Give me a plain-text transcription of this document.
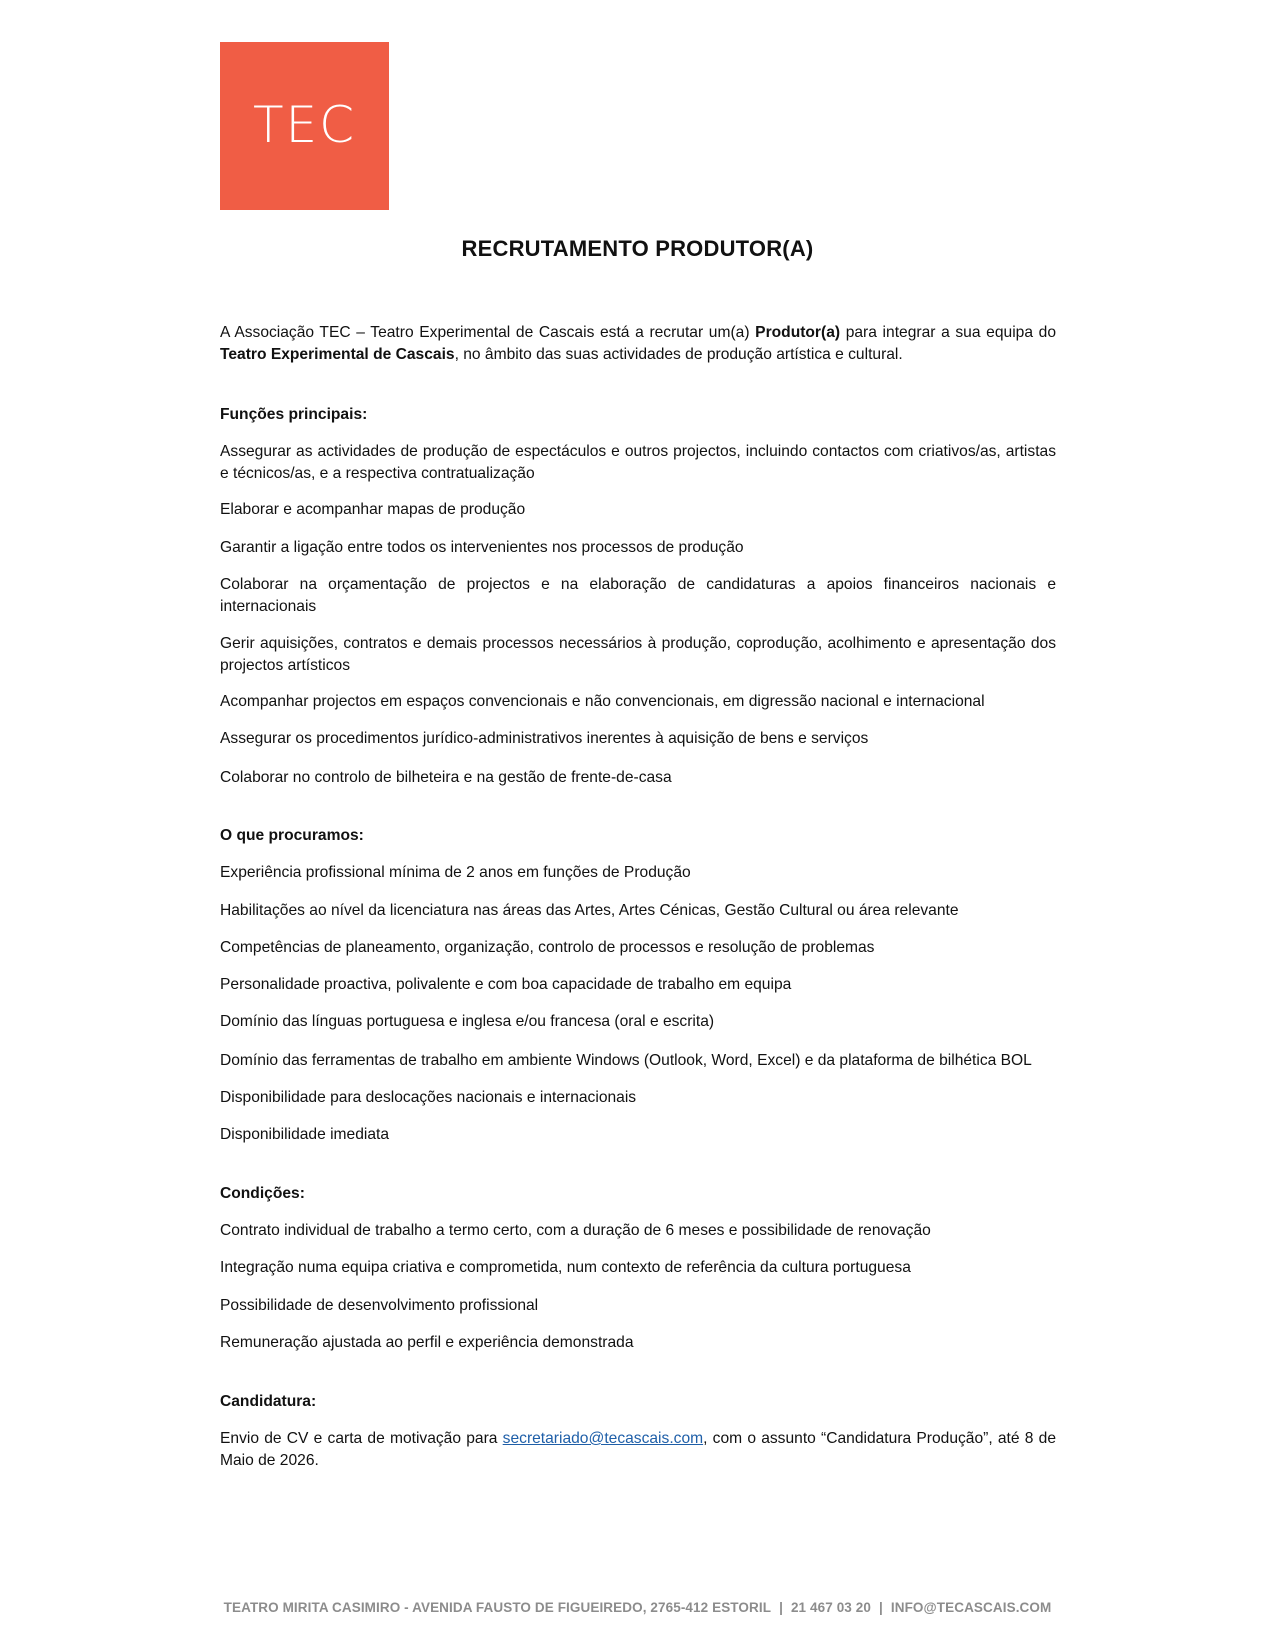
TEC
RECRUTAMENTO PRODUTOR(A)
A Associação TEC – Teatro Experimental de Cascais está a recrutar um(a) Produtor(a) para integrar a sua equipa do Teatro Experimental de Cascais, no âmbito das suas actividades de produção artística e cultural.
Funções principais:
Assegurar as actividades de produção de espectáculos e outros projectos, incluindo contactos com criativos/as, artistas e técnicos/as, e a respectiva contratualização
Elaborar e acompanhar mapas de produção
Garantir a ligação entre todos os intervenientes nos processos de produção
Colaborar na orçamentação de projectos e na elaboração de candidaturas a apoios financeiros nacionais e internacionais
Gerir aquisições, contratos e demais processos necessários à produção, coprodução, acolhimento e apresentação dos projectos artísticos
Acompanhar projectos em espaços convencionais e não convencionais, em digressão nacional e internacional
Assegurar os procedimentos jurídico-administrativos inerentes à aquisição de bens e serviços
Colaborar no controlo de bilheteira e na gestão de frente-de-casa
O que procuramos:
Experiência profissional mínima de 2 anos em funções de Produção
Habilitações ao nível da licenciatura nas áreas das Artes, Artes Cénicas, Gestão Cultural ou área relevante
Competências de planeamento, organização, controlo de processos e resolução de problemas
Personalidade proactiva, polivalente e com boa capacidade de trabalho em equipa
Domínio das línguas portuguesa e inglesa e/ou francesa (oral e escrita)
Domínio das ferramentas de trabalho em ambiente Windows (Outlook, Word, Excel) e da plataforma de bilhética BOL
Disponibilidade para deslocações nacionais e internacionais
Disponibilidade imediata
Condições:
Contrato individual de trabalho a termo certo, com a duração de 6 meses e possibilidade de renovação
Integração numa equipa criativa e comprometida, num contexto de referência da cultura portuguesa
Possibilidade de desenvolvimento profissional
Remuneração ajustada ao perfil e experiência demonstrada
Candidatura:
Envio de CV e carta de motivação para secretariado@tecascais.com, com o assunto “Candidatura Produção”, até 8 de Maio de 2026.
TEATRO MIRITA CASIMIRO - AVENIDA FAUSTO DE FIGUEIREDO, 2765-412 ESTORIL | 21 467 03 20 | INFO@TECASCAIS.COM
